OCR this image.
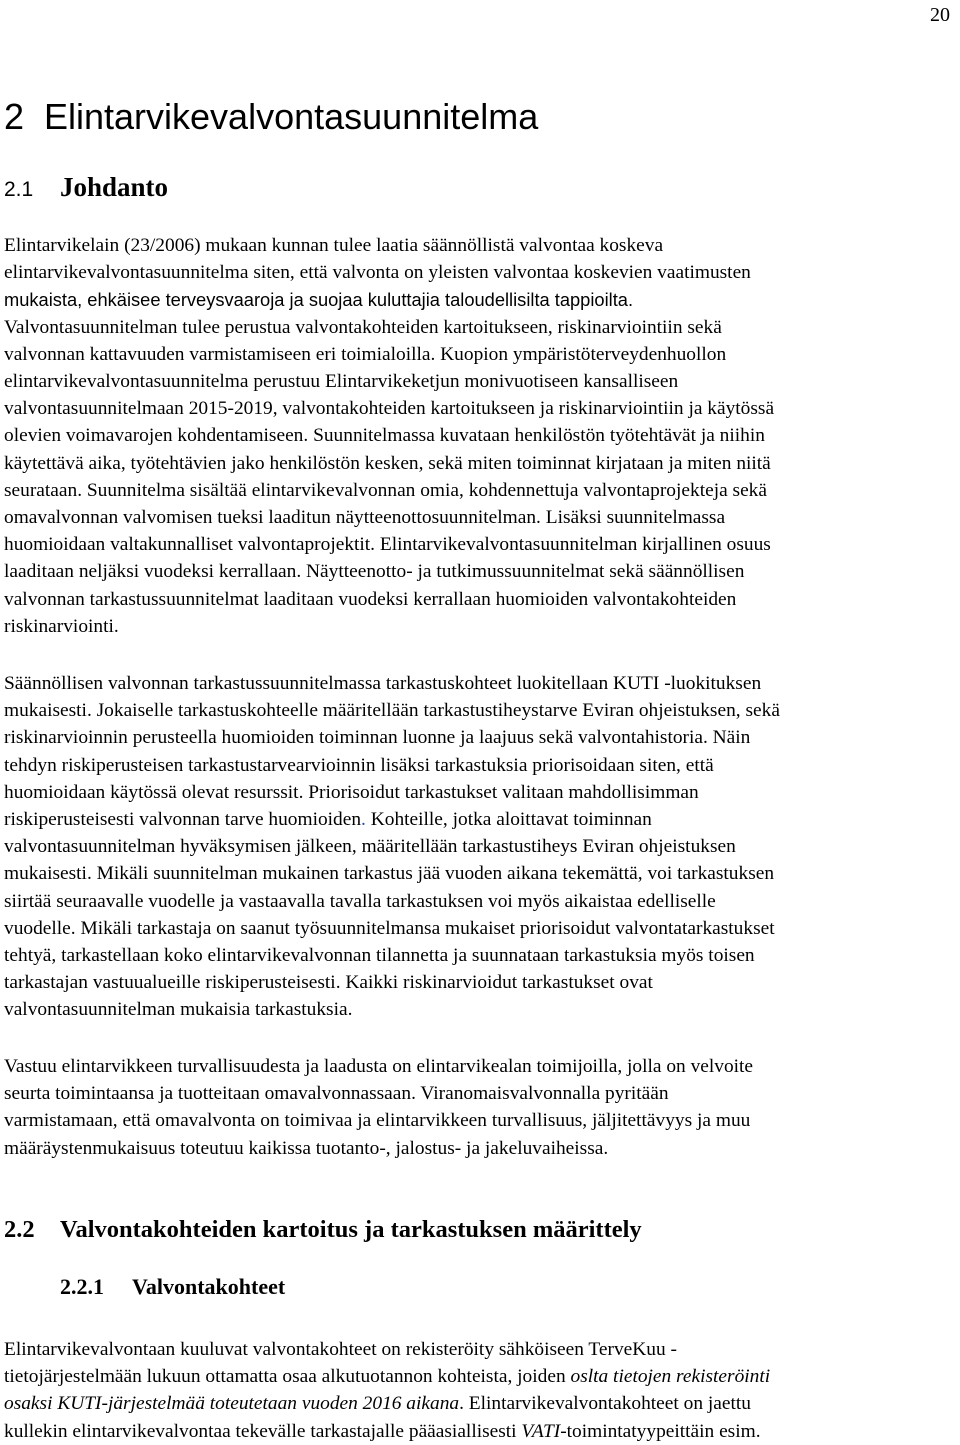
20
2 Elintarvikevalvontasuunnitelma
2.1 Johdanto

Elintarvikelain (23/2006) mukaan kunnan tulee laatia säännöllistä valvontaa koskeva
elintarvikevalvontasuunnitelma siten, että valvonta on yleisten valvontaa koskevien vaatimusten
mukaista, ehkäisee terveysvaaroja ja suojaa kuluttajia taloudellisilta tappioilta.
Valvontasuunnitelman tulee perustua valvontakohteiden kartoitukseen, riskinarviointiin sekä
valvonnan kattavuuden varmistamiseen eri toimialoilla. Kuopion ympäristöterveydenhuollon
elintarvikevalvontasuunnitelma perustuu Elintarvikeketjun monivuotiseen kansalliseen
valvontasuunnitelmaan 2015-2019, valvontakohteiden kartoitukseen ja riskinarviointiin ja käytössä
olevien voimavarojen kohdentamiseen. Suunnitelmassa kuvataan henkilöstön työtehtävät ja niihin
käytettävä aika, työtehtävien jako henkilöstön kesken, sekä miten toiminnat kirjataan ja miten niitä
seurataan. Suunnitelma sisältää elintarvikevalvonnan omia, kohdennettuja valvontaprojekteja sekä
omavalvonnan valvomisen tueksi laaditun näytteenottosuunnitelman. Lisäksi suunnitelmassa
huomioidaan valtakunnalliset valvontaprojektit. Elintarvikevalvontasuunnitelman kirjallinen osuus
laaditaan neljäksi vuodeksi kerrallaan. Näytteenotto- ja tutkimussuunnitelmat sekä säännöllisen
valvonnan tarkastussuunnitelmat laaditaan vuodeksi kerrallaan huomioiden valvontakohteiden
riskinarviointi.

Säännöllisen valvonnan tarkastussuunnitelmassa tarkastuskohteet luokitellaan KUTI -luokituksen
mukaisesti. Jokaiselle tarkastuskohteelle määritellään tarkastustiheystarve Eviran ohjeistuksen, sekä
riskinarvioinnin perusteella huomioiden toiminnan luonne ja laajuus sekä valvontahistoria. Näin
tehdyn riskiperusteisen tarkastustarvearvioinnin lisäksi tarkastuksia priorisoidaan siten, että
huomioidaan käytössä olevat resurssit. Priorisoidut tarkastukset valitaan mahdollisimman
riskiperusteisesti valvonnan tarve huomioiden. Kohteille, jotka aloittavat toiminnan
valvontasuunnitelman hyväksymisen jälkeen, määritellään tarkastustiheys Eviran ohjeistuksen
mukaisesti. Mikäli suunnitelman mukainen tarkastus jää vuoden aikana tekemättä, voi tarkastuksen
siirtää seuraavalle vuodelle ja vastaavalla tavalla tarkastuksen voi myös aikaistaa edelliselle
vuodelle. Mikäli tarkastaja on saanut työsuunnitelmansa mukaiset priorisoidut valvontatarkastukset
tehtyä, tarkastellaan koko elintarvikevalvonnan tilannetta ja suunnataan tarkastuksia myös toisen
tarkastajan vastuualueille riskiperusteisesti. Kaikki riskinarvioidut tarkastukset ovat
valvontasuunnitelman mukaisia tarkastuksia.

Vastuu elintarvikkeen turvallisuudesta ja laadusta on elintarvikealan toimijoilla, jolla on velvoite
seurta toimintaansa ja tuotteitaan omavalvonnassaan. Viranomaisvalvonnalla pyritään
varmistamaan, että omavalvonta on toimivaa ja elintarvikkeen turvallisuus, jäljitettävyys ja muu
määräystenmukaisuus toteutuu kaikissa tuotanto-, jalostus- ja jakeluvaiheissa.

2.2 Valvontakohteiden kartoitus ja tarkastuksen määrittely
2.2.1 Valvontakohteet

Elintarvikevalvontaan kuuluvat valvontakohteet on rekisteröity sähköiseen TerveKuu -
tietojärjestelmään lukuun ottamatta osaa alkutuotannon kohteista, joiden oslta tietojen rekisteröinti
osaksi KUTI-järjestelmää toteutetaan vuoden 2016 aikana. Elintarvikevalvontakohteet on jaettu
kullekin elintarvikevalvontaa tekevälle tarkastajalle pääasiallisesti VATI-toimintatyypeittäin esim.
